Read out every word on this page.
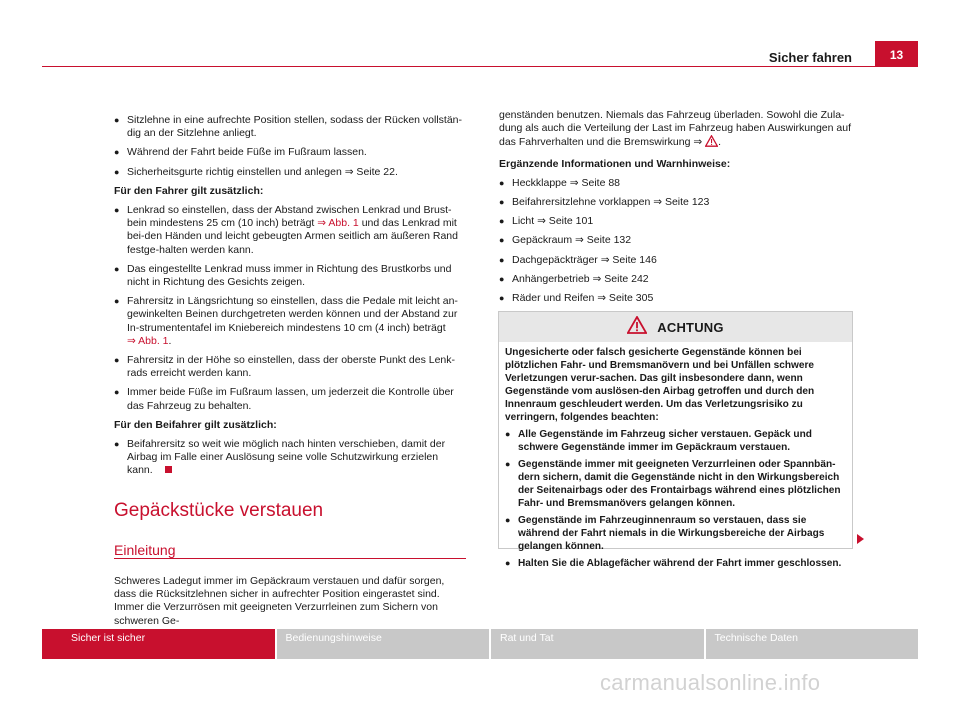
Sicher fahren	13
● Sitzlehne in eine aufrechte Position stellen, sodass der Rücken vollstän-dig an der Sitzlehne anliegt.
● Während der Fahrt beide Füße im Fußraum lassen.
● Sicherheitsgurte richtig einstellen und anlegen ⇒ Seite 22.
Für den Fahrer gilt zusätzlich:
● Lenkrad so einstellen, dass der Abstand zwischen Lenkrad und Brust-bein mindestens 25 cm (10 inch) beträgt ⇒ Abb. 1 und das Lenkrad mit bei-den Händen und leicht gebeugten Armen seitlich am äußeren Rand festge-halten werden kann.
● Das eingestellte Lenkrad muss immer in Richtung des Brustkorbs und nicht in Richtung des Gesichts zeigen.
● Fahrersitz in Längsrichtung so einstellen, dass die Pedale mit leicht an-gewinkelten Beinen durchgetreten werden können und der Abstand zur In-strumententafel im Kniebereich mindestens 10 cm (4 inch) beträgt
⇒ Abb. 1.
● Fahrersitz in der Höhe so einstellen, dass der oberste Punkt des Lenk-rads erreicht werden kann.
● Immer beide Füße im Fußraum lassen, um jederzeit die Kontrolle über das Fahrzeug zu behalten.
Für den Beifahrer gilt zusätzlich:
● Beifahrersitz so weit wie möglich nach hinten verschieben, damit der Airbag im Falle einer Auslösung seine volle Schutzwirkung erzielen kann.
Gepäckstücke verstauen
Einleitung
Schweres Ladegut immer im Gepäckraum verstauen und dafür sorgen, dass die Rücksitzlehnen sicher in aufrechter Position eingerastet sind. Immer die Verzurrösen mit geeigneten Verzurrleinen zum Sichern von schweren Ge-
genständen benutzen. Niemals das Fahrzeug überladen. Sowohl die Zula-dung als auch die Verteilung der Last im Fahrzeug haben Auswirkungen auf das Fahrverhalten und die Bremswirkung ⇒ .
Ergänzende Informationen und Warnhinweise:
● Heckklappe ⇒ Seite 88
● Beifahrersitzlehne vorklappen ⇒ Seite 123
● Licht ⇒ Seite 101
● Gepäckraum ⇒ Seite 132
● Dachgepäckträger ⇒ Seite 146
● Anhängerbetrieb ⇒ Seite 242
● Räder und Reifen ⇒ Seite 305
ACHTUNG
Ungesicherte oder falsch gesicherte Gegenstände können bei plötzlichen Fahr- und Bremsmanövern und bei Unfällen schwere Verletzungen verur-sachen. Das gilt insbesondere dann, wenn Gegenstände vom auslösen-den Airbag getroffen und durch den Innenraum geschleudert werden. Um das Verletzungsrisiko zu verringern, folgendes beachten:
● Alle Gegenstände im Fahrzeug sicher verstauen. Gepäck und schwere Gegenstände immer im Gepäckraum verstauen.
● Gegenstände immer mit geeigneten Verzurrleinen oder Spannbän-dern sichern, damit die Gegenstände nicht in den Wirkungsbereich der Seitenairbags oder des Frontairbags während eines plötzlichen Fahr- und Bremsmanövers gelangen können.
● Gegenstände im Fahrzeuginnenraum so verstauen, dass sie während der Fahrt niemals in die Wirkungsbereiche der Airbags gelangen können.
● Halten Sie die Ablagefächer während der Fahrt immer geschlossen.
Sicher ist sicher	Bedienungshinweise	Rat und Tat	Technische Daten
carmanualsonline.info
